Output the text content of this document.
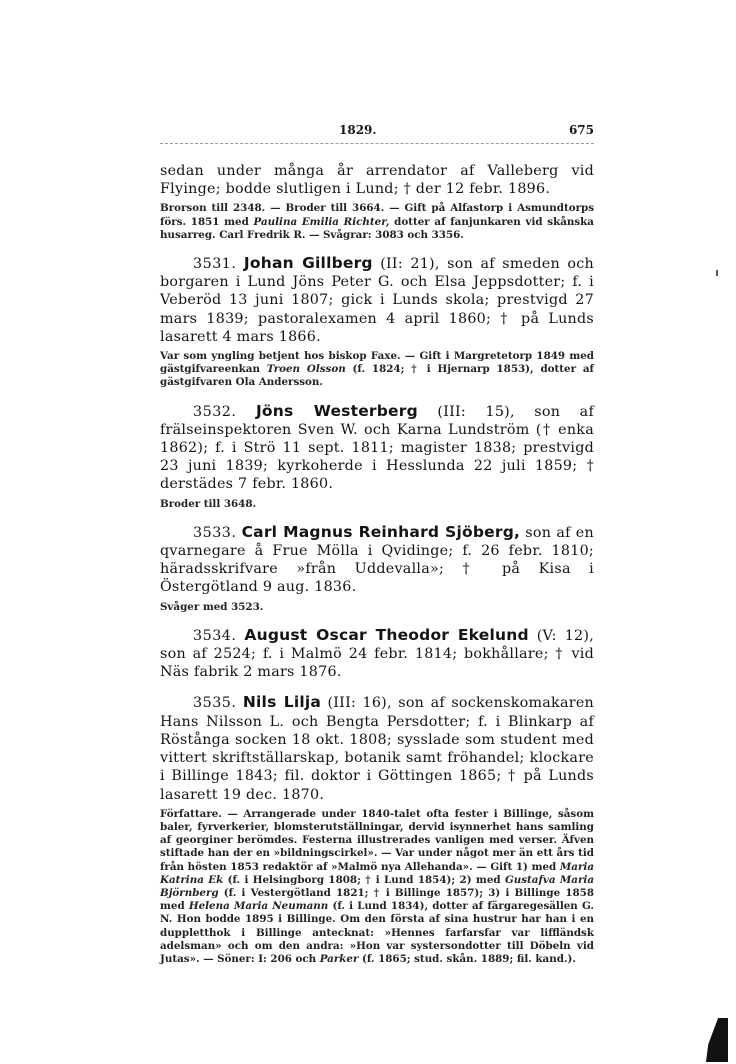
1829.	675

sedan under många år arrendator af Valleberg vid Flyinge; bodde slutligen i Lund; † der 12 febr. 1896.

Brorson till 2348. — Broder till 3664. — Gift på Alfastorp i Asmundtorps förs. 1851 med Paulina Emilia Richter, dotter af fanjunkaren vid skånska husarreg. Carl Fredrik R. — Svågrar: 3083 och 3356.

3531. Johan Gillberg (II: 21), son af smeden och borgaren i Lund Jöns Peter G. och Elsa Jeppsdotter; f. i Veberöd 13 juni 1807; gick i Lunds skola; prestvigd 27 mars 1839; pastoralexamen 4 april 1860; † på Lunds lasarett 4 mars 1866.

Var som yngling betjent hos biskop Faxe. — Gift i Margretetorp 1849 med gästgifvareenkan Troen Olsson (f. 1824; † i Hjernarp 1853), dotter af gästgifvaren Ola Andersson.

3532. Jöns Westerberg (III: 15), son af frälseinspektoren Sven W. och Karna Lundström († enka 1862); f. i Strö 11 sept. 1811; magister 1838; prestvigd 23 juni 1839; kyrkoherde i Hesslunda 22 juli 1859; † derstädes 7 febr. 1860.

Broder till 3648.

3533. Carl Magnus Reinhard Sjöberg, son af en qvarnegare å Frue Mölla i Qvidinge; f. 26 febr. 1810; häradsskrifvare »från Uddevalla»; † på Kisa i Östergötland 9 aug. 1836.

Svåger med 3523.

3534. August Oscar Theodor Ekelund (V: 12), son af 2524; f. i Malmö 24 febr. 1814; bokhållare; † vid Näs fabrik 2 mars 1876.

3535. Nils Lilja (III: 16), son af sockenskomakaren Hans Nilsson L. och Bengta Persdotter; f. i Blinkarp af Röstånga socken 18 okt. 1808; sysslade som student med vittert skriftställarskap, botanik samt fröhandel; klockare i Billinge 1843; fil. doktor i Göttingen 1865; † på Lunds lasarett 19 dec. 1870.

Författare. — Arrangerade under 1840-talet ofta fester i Billinge, såsom baler, fyrverkerier, blomsterutställningar, dervid isynnerhet hans samling af georginer berömdes. Festerna illustrerades vanligen med verser. Äfven stiftade han der en »bildningscirkel». — Var under något mer än ett års tid från hösten 1853 redaktör af »Malmö nya Allehanda». — Gift 1) med Maria Katrina Ek (f. i Helsingborg 1808; † i Lund 1854); 2) med Gustafva Maria Björnberg (f. i Vestergötland 1821; † i Billinge 1857); 3) i Billinge 1858 med Helena Maria Neumann (f. i Lund 1834), dotter af färgaregesällen G. N. Hon bodde 1895 i Billinge. Om den första af sina hustrur har han i en duppletthok i Billinge antecknat: »Hennes farfarsfar var liffländsk adelsman» och om den andra: »Hon var systersondotter till Döbeln vid Jutas». — Söner: I: 206 och Parker (f. 1865; stud. skån. 1889; fil. kand.).
